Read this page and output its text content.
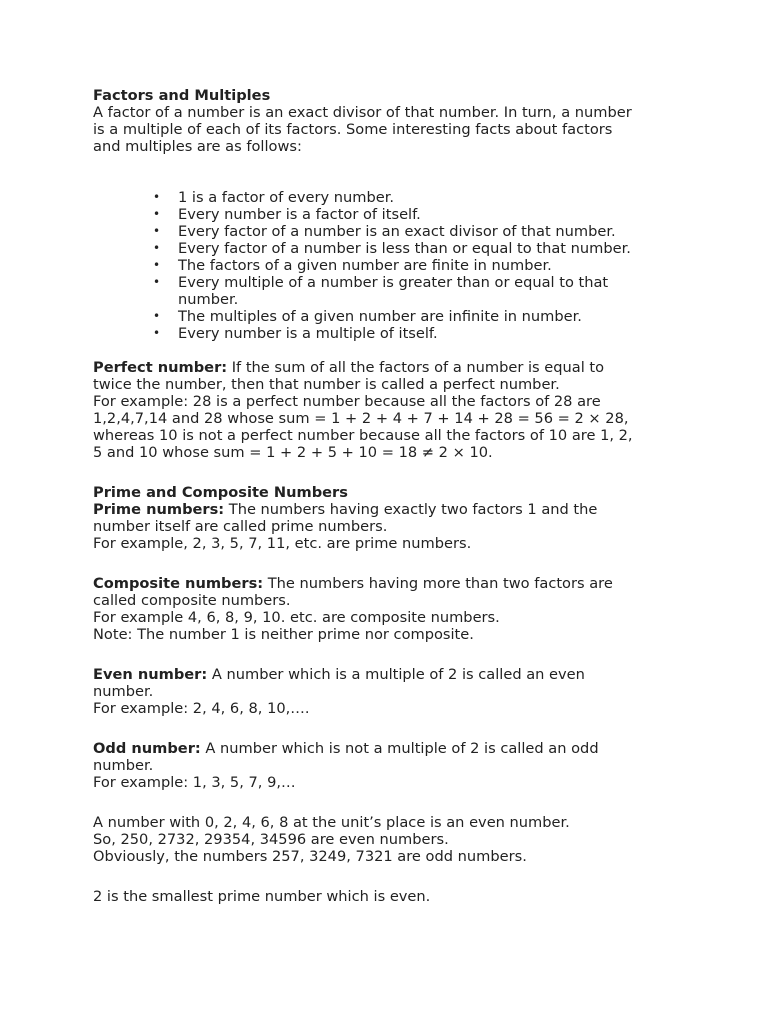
Factors and Multiples

A factor of a number is an exact divisor of that number. In turn, a number

is a multiple of each of its factors. Some interesting facts about factors

and multiples are as follows:

• 1 is a factor of every number.
• Every number is a factor of itself.
• Every factor of a number is an exact divisor of that number.
• Every factor of a number is less than or equal to that number.
• The factors of a given number are finite in number.
• Every multiple of a number is greater than or equal to that
number.
• The multiples of a given number are infinite in number.
• Every number is a multiple of itself.

Perfect number: If the sum of all the factors of a number is equal to

twice the number, then that number is called a perfect number.

For example: 28 is a perfect number because all the factors of 28 are

1,2,4,7,14 and 28 whose sum = 1 + 2 + 4 + 7 + 14 + 28 = 56 = 2 × 28,

whereas 10 is not a perfect number because all the factors of 10 are 1, 2,

5 and 10 whose sum = 1 + 2 + 5 + 10 = 18 ≠ 2 × 10.

Prime and Composite Numbers

Prime numbers: The numbers having exactly two factors 1 and the

number itself are called prime numbers.

For example, 2, 3, 5, 7, 11, etc. are prime numbers.

Composite numbers: The numbers having more than two factors are

called composite numbers.

For example 4, 6, 8, 9, 10. etc. are composite numbers.

Note: The number 1 is neither prime nor composite.

Even number: A number which is a multiple of 2 is called an even

number.

For example: 2, 4, 6, 8, 10,….

Odd number: A number which is not a multiple of 2 is called an odd

number.

For example: 1, 3, 5, 7, 9,…

A number with 0, 2, 4, 6, 8 at the unit’s place is an even number.

So, 250, 2732, 29354, 34596 are even numbers.

Obviously, the numbers 257, 3249, 7321 are odd numbers.

2 is the smallest prime number which is even.
